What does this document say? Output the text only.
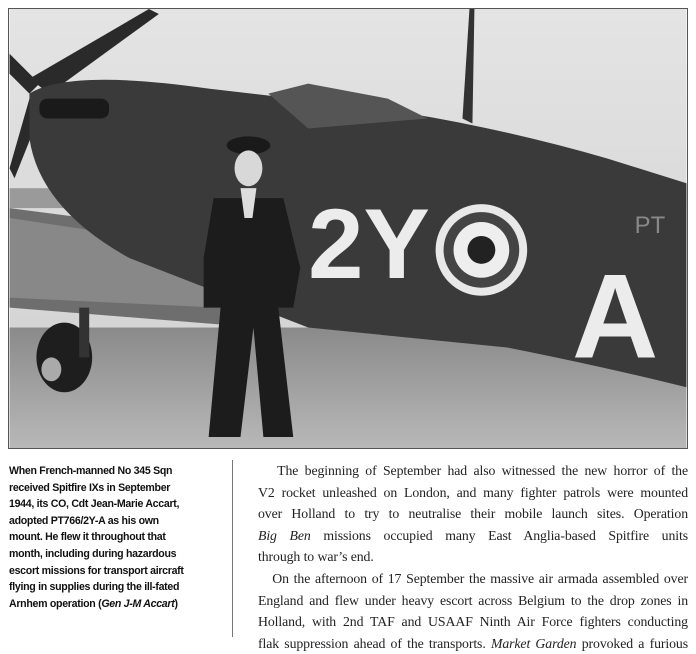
2Y
A
PT
When French-manned No 345 Sqn
received Spitfire IXs in September
1944, its CO, Cdt Jean-Marie Accart,
adopted PT766/2Y-A as his own
mount. He flew it throughout that
month, including during hazardous
escort missions for transport aircraft
flying in supplies during the ill-fated
Arnhem operation (Gen J-M Accart)
The beginning of September had also witnessed the new horror of the
V2 rocket unleashed on London, and many fighter patrols were mounted
over Holland to try to neutralise their mobile launch sites. Operation
Big Ben missions occupied many East Anglia-based Spitfire units
through to war’s end.
On the afternoon of 17 September the massive air armada assembled over
England and flew under heavy escort across Belgium to the drop zones in
Holland, with 2nd TAF and USAAF Ninth Air Force fighters conducting
flak suppression ahead of the transports. Market Garden provoked a furious
